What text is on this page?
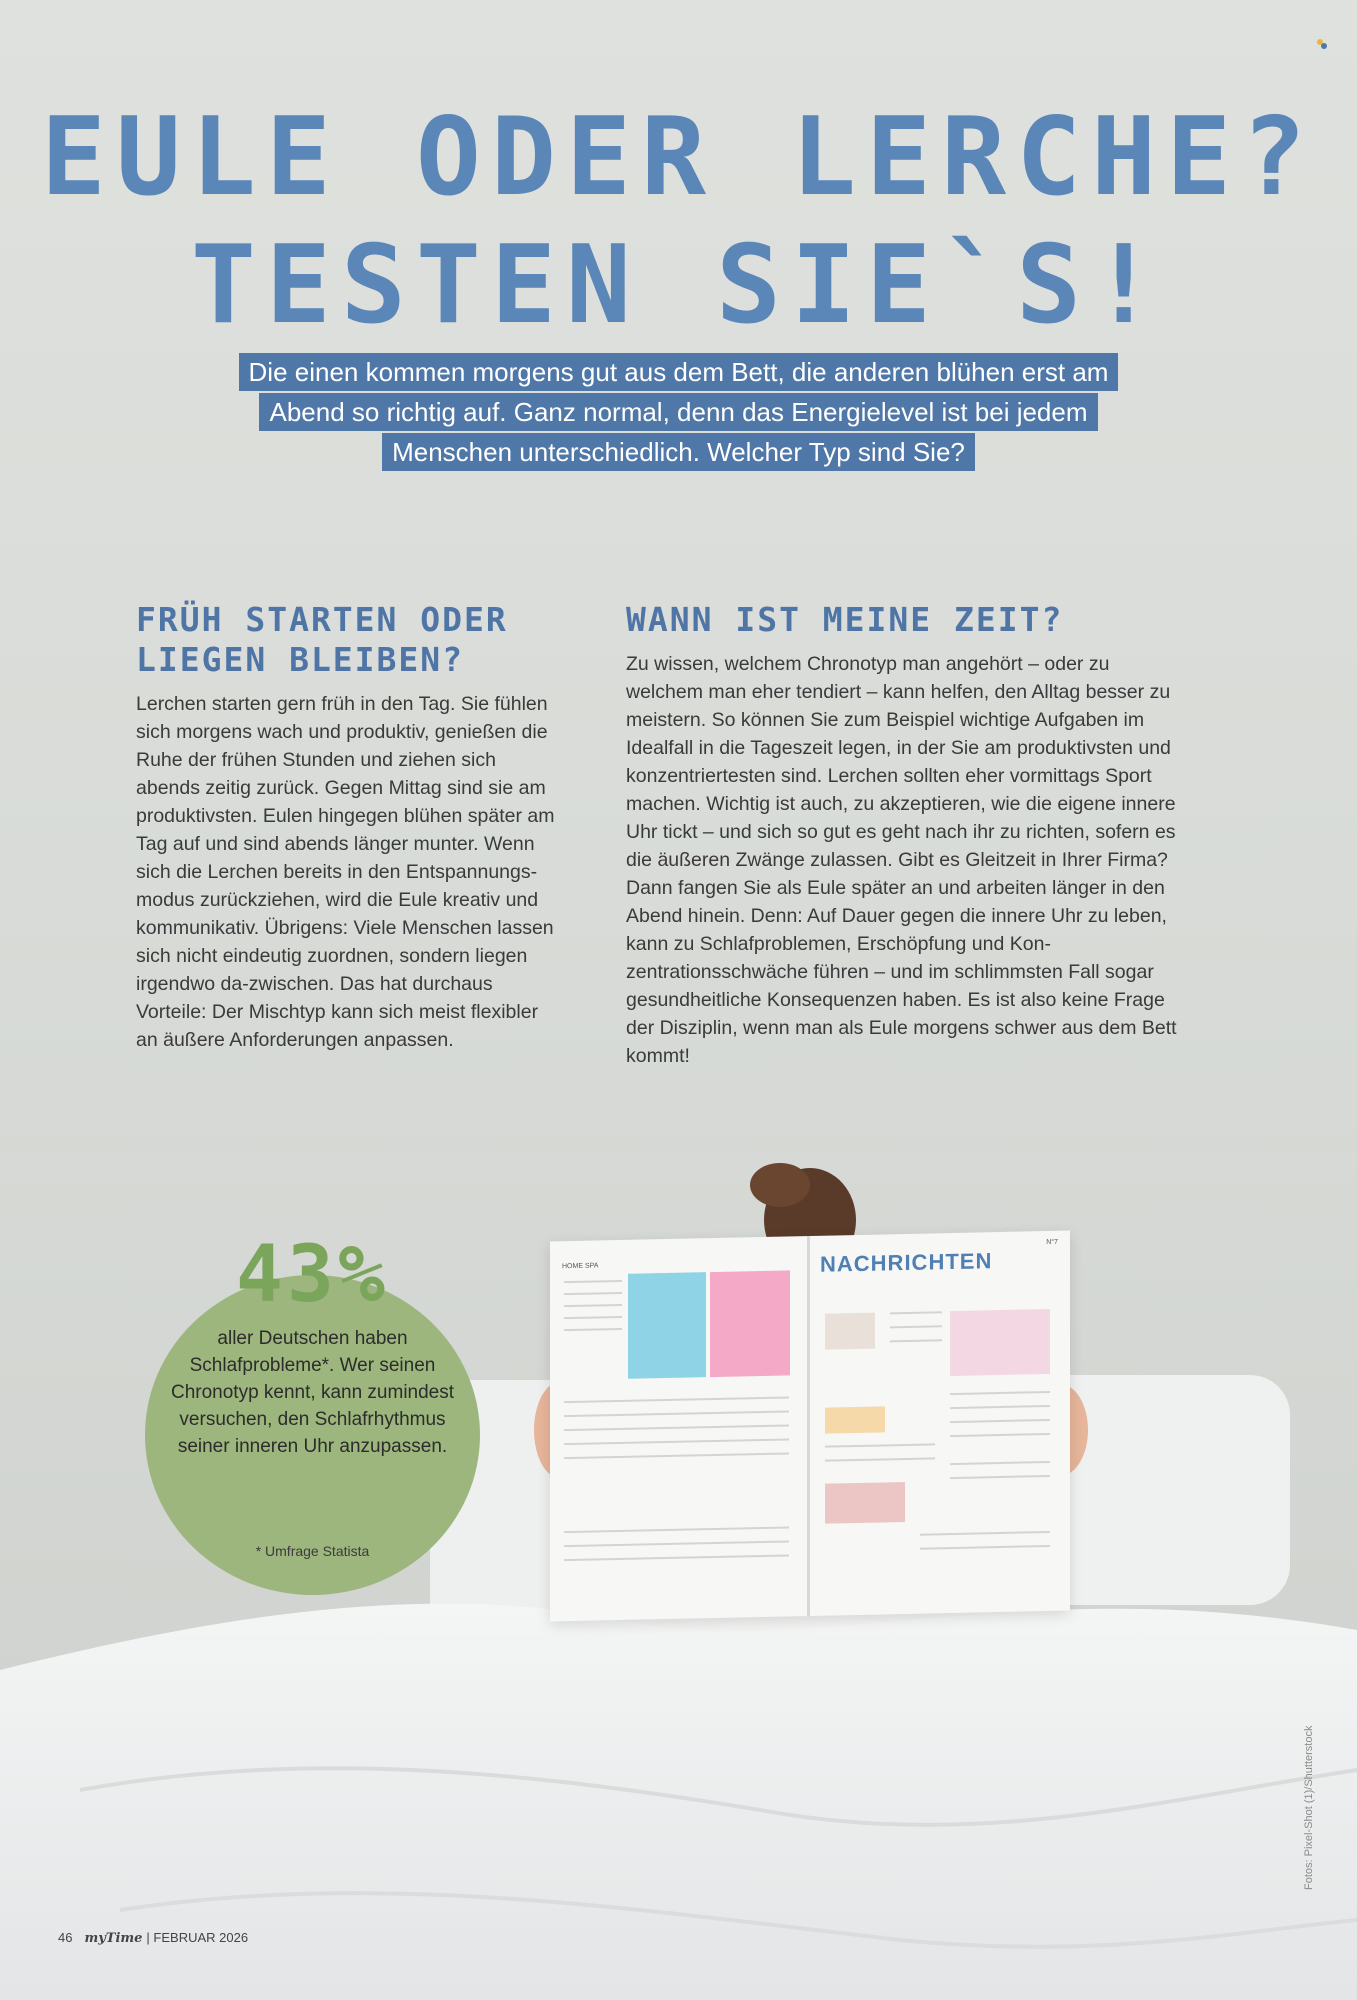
EULE ODER LERCHE?
TESTEN SIE`S!
Die einen kommen morgens gut aus dem Bett, die anderen blühen erst am
Abend so richtig auf. Ganz normal, denn das Energielevel ist bei jedem
Menschen unterschiedlich. Welcher Typ sind Sie?
FRÜH STARTEN ODER
LIEGEN BLEIBEN?

Lerchen starten gern früh in den Tag. Sie fühlen sich morgens wach und produktiv, genießen die Ruhe der frühen Stunden und ziehen sich abends zeitig zurück. Gegen Mittag sind sie am produktivsten. Eulen hingegen blühen später am Tag auf und sind abends länger munter. Wenn sich die Lerchen bereits in den Entspannungs-modus zurückziehen, wird die Eule kreativ und kommunikativ. Übrigens: Viele Menschen lassen sich nicht eindeutig zuordnen, sondern liegen irgendwo da-zwischen. Das hat durchaus Vorteile: Der Mischtyp kann sich meist flexibler an äußere Anforderungen anpassen.

WANN IST MEINE ZEIT?

Zu wissen, welchem Chronotyp man angehört – oder zu welchem man eher tendiert – kann helfen, den Alltag besser zu meistern. So können Sie zum Beispiel wichtige Aufgaben im Idealfall in die Tageszeit legen, in der Sie am produktivsten und konzentriertesten sind. Lerchen sollten eher vormittags Sport machen. Wichtig ist auch, zu akzeptieren, wie die eigene innere Uhr tickt – und sich so gut es geht nach ihr zu richten, sofern es die äußeren Zwänge zulassen. Gibt es Gleitzeit in Ihrer Firma? Dann fangen Sie als Eule später an und arbeiten länger in den Abend hinein. Denn: Auf Dauer gegen die innere Uhr zu leben, kann zu Schlafproblemen, Erschöpfung und Kon-zentrationsschwäche führen – und im schlimmsten Fall sogar gesundheitliche Konsequenzen haben. Es ist also keine Frage der Disziplin, wenn man als Eule morgens schwer aus dem Bett kommt!

HOME SPA
N°7
NACHRICHTEN
43%
aller Deutschen haben Schlafprobleme*. Wer seinen Chronotyp kennt, kann zumindest versuchen, den Schlafrhythmus seiner inneren Uhr anzupassen.
* Umfrage Statista
46 myTime | FEBRUAR 2026
Fotos: Pixel-Shot (1)/Shutterstock
